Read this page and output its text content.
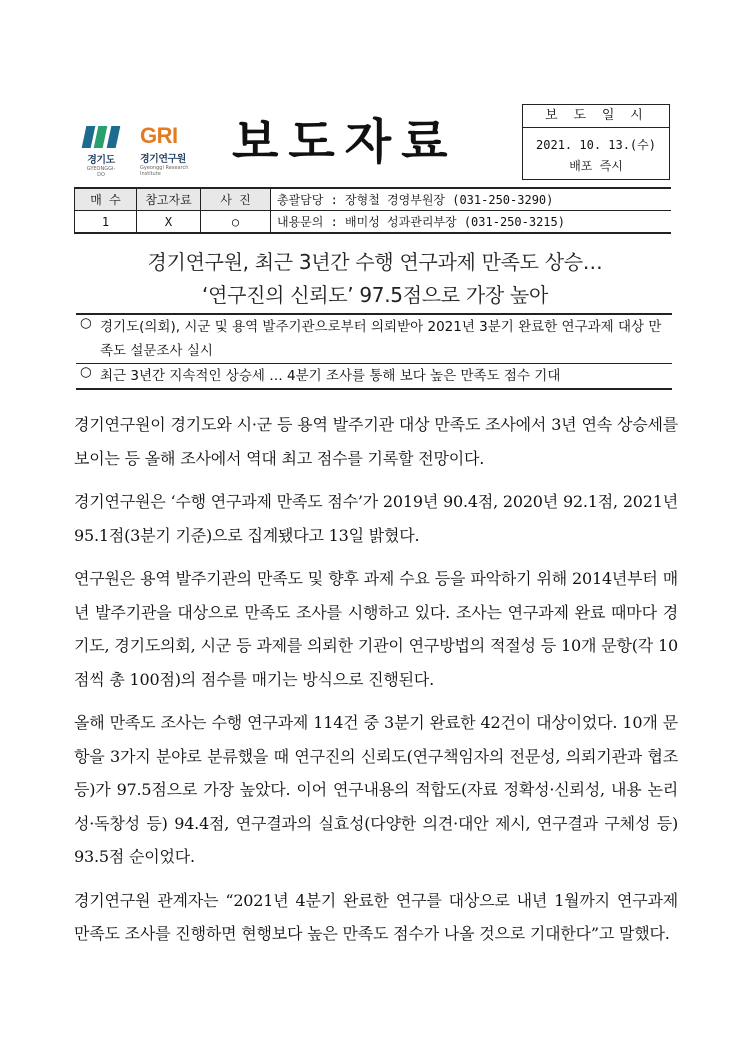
경기도
GYEONGGI-DO
GRI
경기연구원
Gyeonggi Research Institute
보도자료	보 도 일 시
2021. 10. 13.(수)
배포 즉시
매 수	참고자료	사 진	총괄담당 : 장형철 경영부원장 (031-250-3290)
1	X	○	내용문의 : 배미성 성과관리부장 (031-250-3215)
경기연구원, 최근 3년간 수행 연구과제 만족도 상승…
‘연구진의 신뢰도’ 97.5점으로 가장 높아
○ 경기도(의회), 시군 및 용역 발주기관으로부터 의뢰받아 2021년 3분기 완료한 연구과제 대상 만족도 설문조사 실시
○ 최근 3년간 지속적인 상승세 … 4분기 조사를 통해 보다 높은 만족도 점수 기대

경기연구원이 경기도와 시·군 등 용역 발주기관 대상 만족도 조사에서 3년 연속 상승세를 보이는 등 올해 조사에서 역대 최고 점수를 기록할 전망이다.

경기연구원은 ‘수행 연구과제 만족도 점수’가 2019년 90.4점, 2020년 92.1점, 2021년 95.1점(3분기 기준)으로 집계됐다고 13일 밝혔다.

연구원은 용역 발주기관의 만족도 및 향후 과제 수요 등을 파악하기 위해 2014년부터 매년 발주기관을 대상으로 만족도 조사를 시행하고 있다. 조사는 연구과제 완료 때마다 경기도, 경기도의회, 시군 등 과제를 의뢰한 기관이 연구방법의 적절성 등 10개 문항(각 10점씩 총 100점)의 점수를 매기는 방식으로 진행된다.

올해 만족도 조사는 수행 연구과제 114건 중 3분기 완료한 42건이 대상이었다. 10개 문항을 3가지 분야로 분류했을 때 연구진의 신뢰도(연구책임자의 전문성, 의뢰기관과 협조 등)가 97.5점으로 가장 높았다. 이어 연구내용의 적합도(자료 정확성·신뢰성, 내용 논리성·독창성 등) 94.4점, 연구결과의 실효성(다양한 의견·대안 제시, 연구결과 구체성 등) 93.5점 순이었다.

경기연구원 관계자는 “2021년 4분기 완료한 연구를 대상으로 내년 1월까지 연구과제 만족도 조사를 진행하면 현행보다 높은 만족도 점수가 나올 것으로 기대한다”고 말했다.
